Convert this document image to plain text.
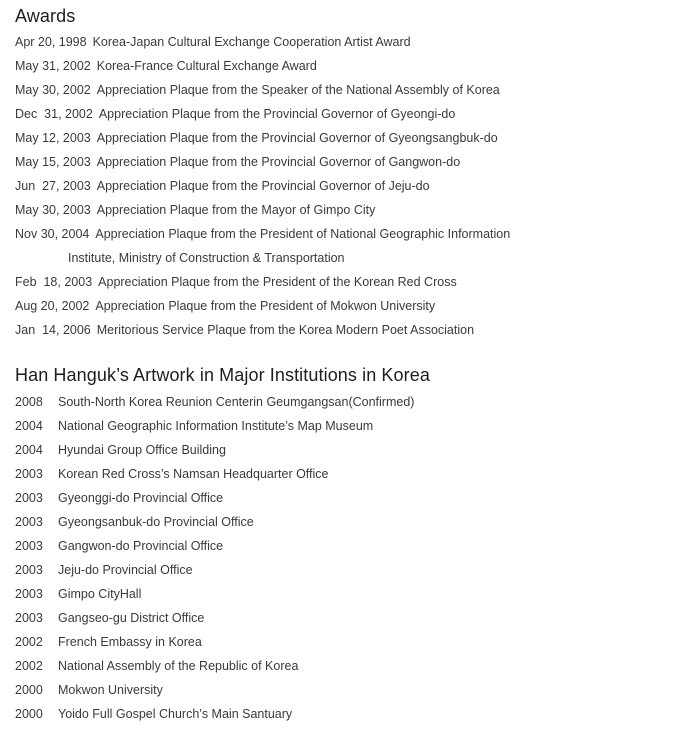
Awards
Apr 20, 1998 Korea-Japan Cultural Exchange Cooperation Artist Award
May 31, 2002 Korea-France Cultural Exchange Award
May 30, 2002 Appreciation Plaque from the Speaker of the National Assembly of Korea
Dec  31, 2002 Appreciation Plaque from the Provincial Governor of Gyeongi-do
May 12, 2003 Appreciation Plaque from the Provincial Governor of Gyeongsangbuk-do
May 15, 2003 Appreciation Plaque from the Provincial Governor of Gangwon-do
Jun  27, 2003 Appreciation Plaque from the Provincial Governor of Jeju-do
May 30, 2003 Appreciation Plaque from the Mayor of Gimpo City
Nov 30, 2004 Appreciation Plaque from the President of National Geographic Information
Institute, Ministry of Construction & Transportation
Feb  18, 2003 Appreciation Plaque from the President of the Korean Red Cross
Aug 20, 2002 Appreciation Plaque from the President of Mokwon University
Jan  14, 2006 Meritorious Service Plaque from the Korea Modern Poet Association
Han Hanguk’s Artwork in Major Institutions in Korea
2008 South-North Korea Reunion Centerin Geumgangsan(Confirmed)
2004 National Geographic Information Institute’s Map Museum
2004 Hyundai Group Office Building
2003 Korean Red Cross’s Namsan Headquarter Office
2003 Gyeonggi-do Provincial Office
2003 Gyeongsanbuk-do Provincial Office
2003 Gangwon-do Provincial Office
2003 Jeju-do Provincial Office
2003 Gimpo CityHall
2003 Gangseo-gu District Office
2002 French Embassy in Korea
2002 National Assembly of the Republic of Korea
2000 Mokwon University
2000 Yoido Full Gospel Church’s Main Santuary
